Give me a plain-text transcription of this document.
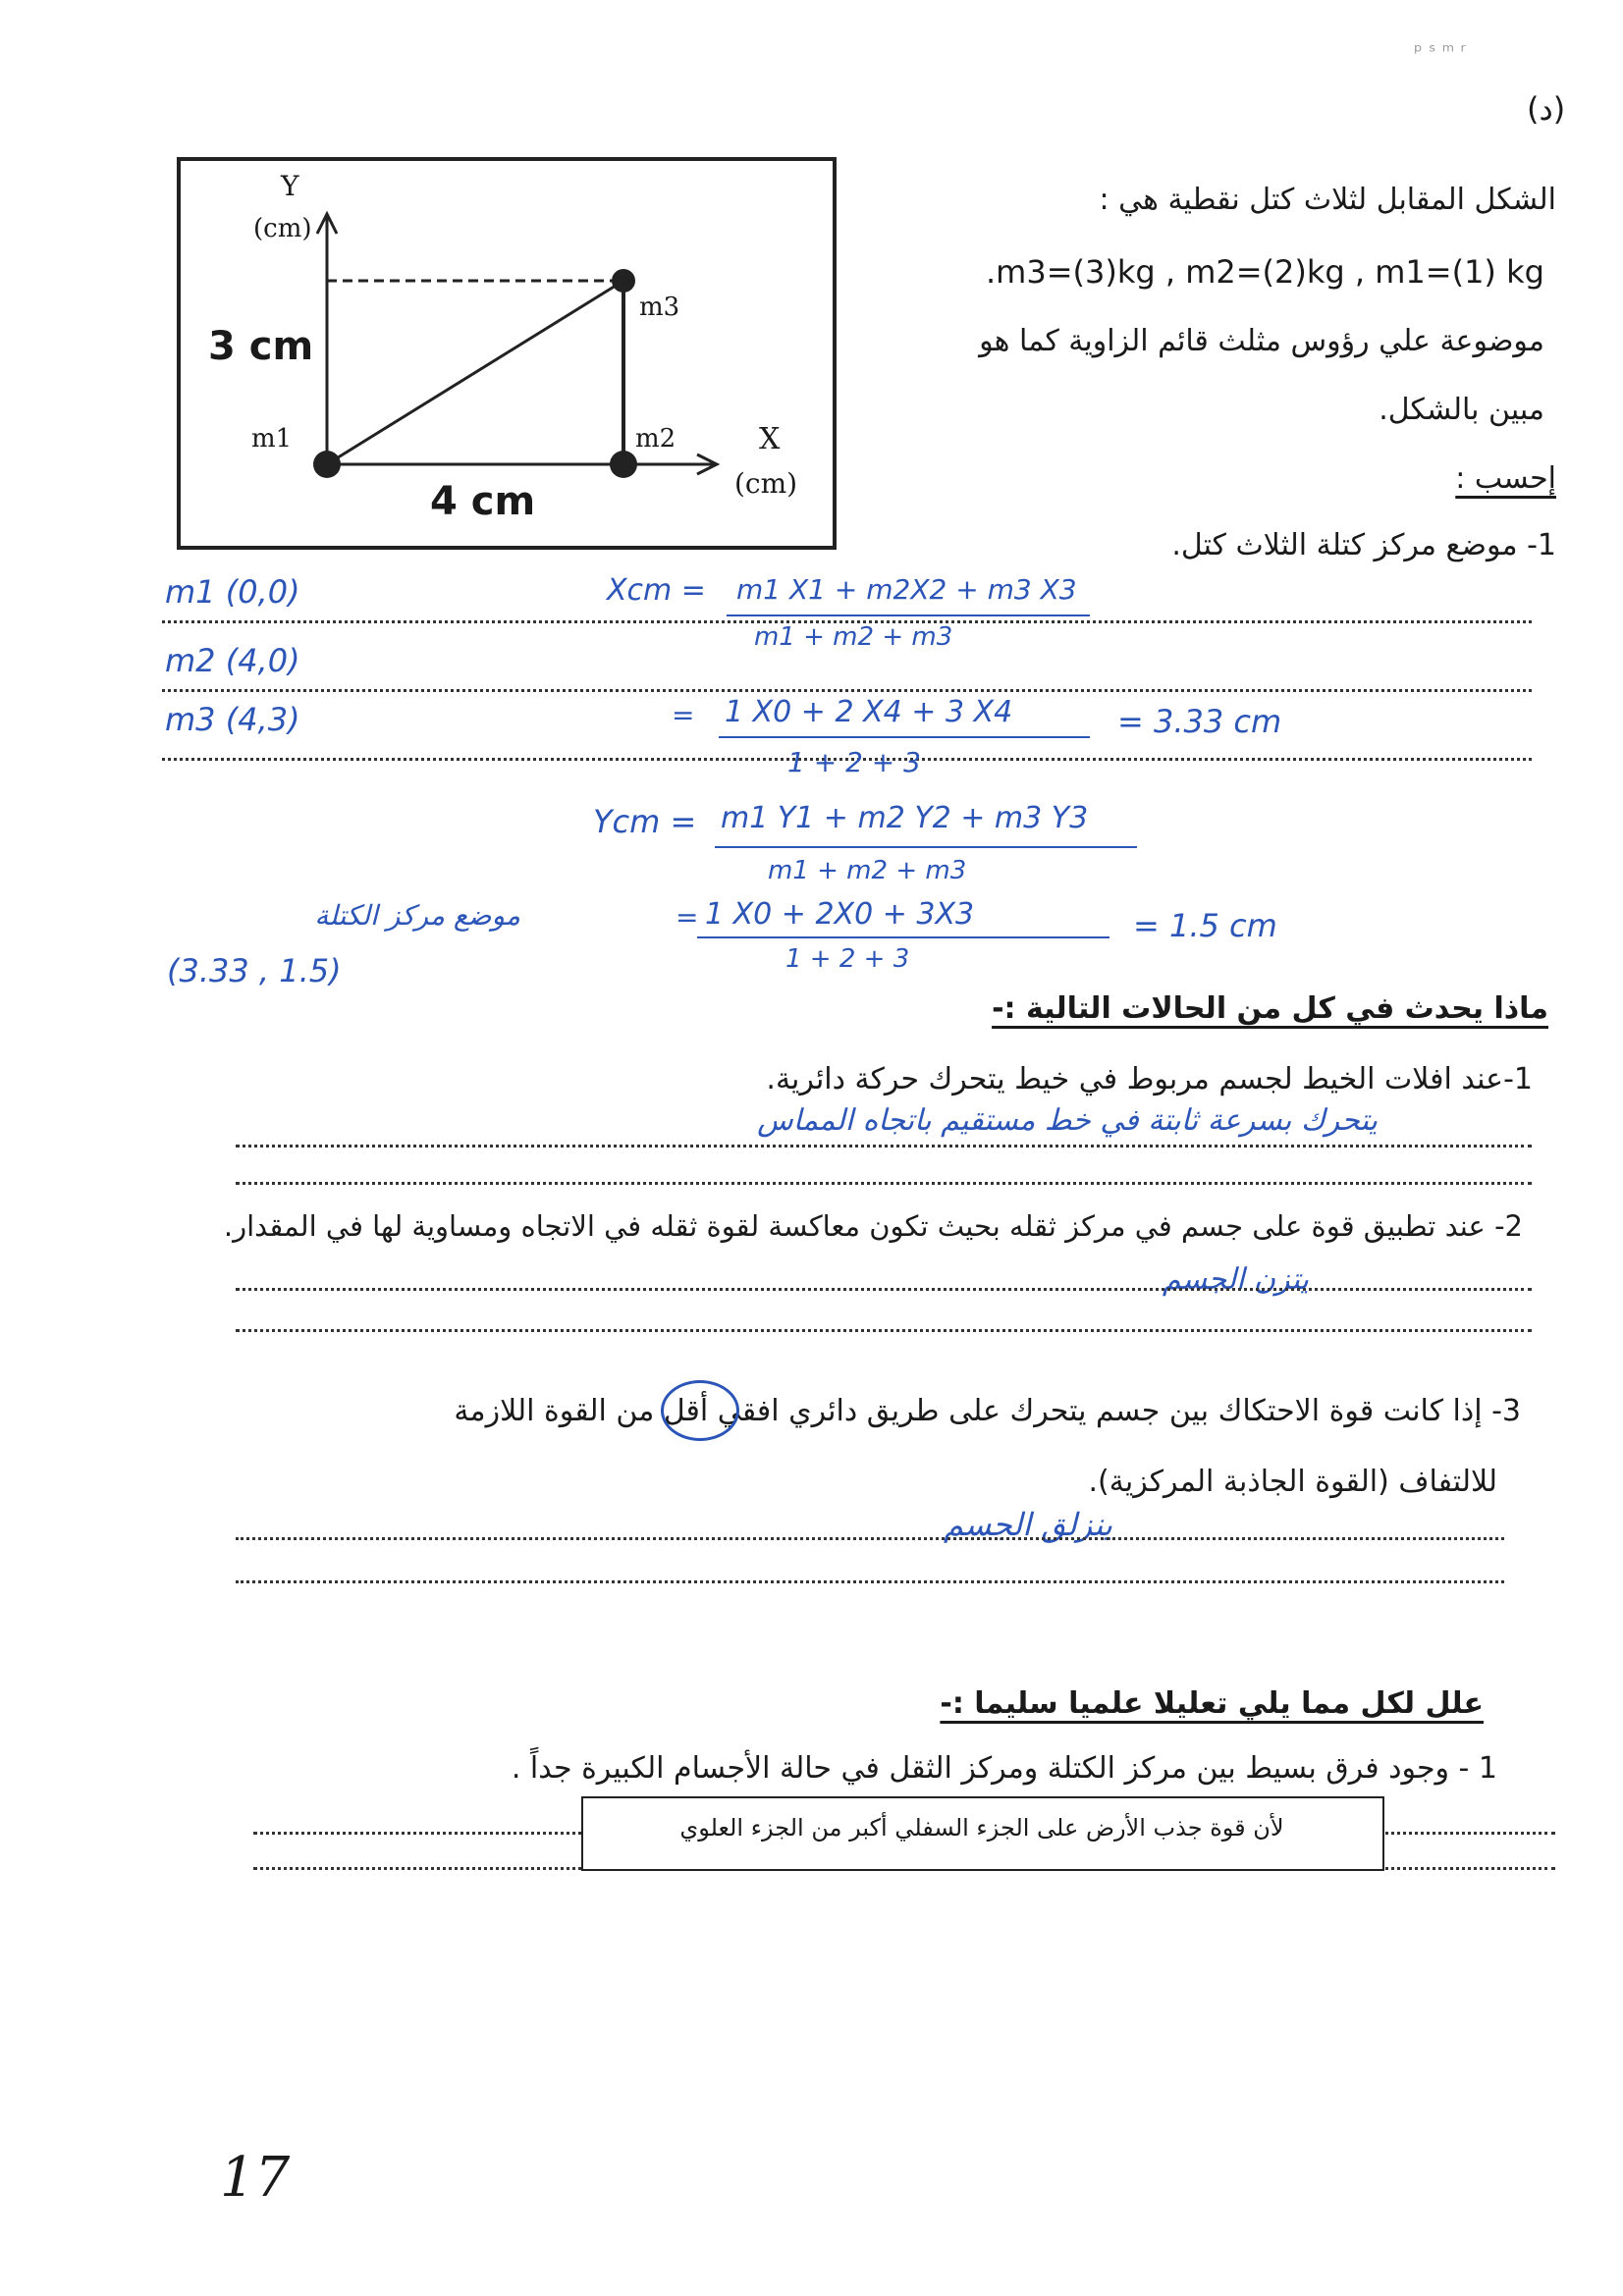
ᵖ ˢ ᵐ ʳ
(د)
Y
(cm)
3 cm
4 cm
m1	m2
m3
X
(cm)
الشكل المقابل لثلاث كتل نقطية هي :
.m3=(3)kg , m2=(2)kg , m1=(1) kg
موضوعة علي رؤوس مثلث قائم الزاوية كما هو
مبين بالشكل.
إحسب :
1- موضع مركز كتلة الثلاث كتل.
m1 (0,0)
m2 (4,0)
m3 (4,3)
Xcm = m1 X1 + m2X2 + m3 X3
m1 + m2 + m3
= 1 X0 + 2 X4 + 3 X4
1 + 2 + 3
= 3.33 cm
Ycm = m1 Y1 + m2 Y2 + m3 Y3
m1 + m2 + m3
= 1 X0 + 2X0 + 3X3
1 + 2 + 3
= 1.5 cm
موضع مركز الكتلة
(3.33 , 1.5)
ماذا يحدث في كل من الحالات التالية :-
1-عند افلات الخيط لجسم مربوط في خيط يتحرك حركة دائرية.
يتحرك بسرعة ثابتة في خط مستقيم باتجاه المماس
2- عند تطبيق قوة على جسم في مركز ثقله بحيث تكون معاكسة لقوة ثقله في الاتجاه ومساوية لها في المقدار.
يتزن الجسم
3- إذا كانت قوة الاحتكاك بين جسم يتحرك على طريق دائري افقي أقل من القوة اللازمة
للالتفاف (القوة الجاذبة المركزية).
ينزلق الجسم
علل لكل مما يلي تعليلا علميا سليما :-
1 - وجود فرق بسيط بين مركز الكتلة ومركز الثقل في حالة الأجسام الكبيرة جداً .
لأن قوة جذب الأرض على الجزء السفلي أكبر من الجزء العلوي
17
